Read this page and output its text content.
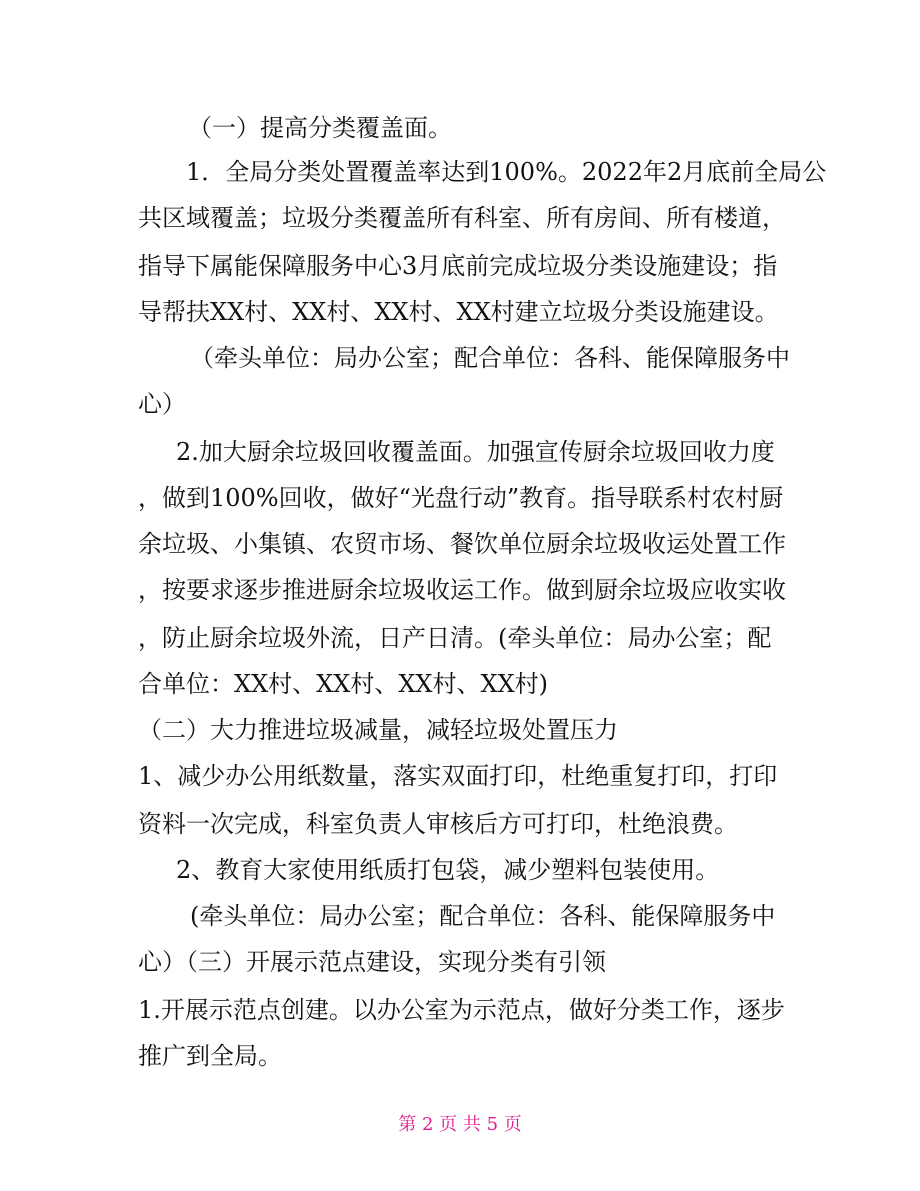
（一）提高分类覆盖面。
1．全局分类处置覆盖率达到100%。2022年2月底前全局公
共区域覆盖；垃圾分类覆盖所有科室、所有房间、所有楼道，
指导下属能保障服务中心3月底前完成垃圾分类设施建设；指
导帮扶XX村、XX村、XX村、XX村建立垃圾分类设施建设。
（牵头单位：局办公室；配合单位：各科、能保障服务中
心）
2.加大厨余垃圾回收覆盖面。加强宣传厨余垃圾回收力度
，做到100%回收，做好“光盘行动”教育。指导联系村农村厨
余垃圾、小集镇、农贸市场、餐饮单位厨余垃圾收运处置工作
，按要求逐步推进厨余垃圾收运工作。做到厨余垃圾应收实收
，防止厨余垃圾外流，日产日清。(牵头单位：局办公室；配
合单位：XX村、XX村、XX村、XX村)
（二）大力推进垃圾减量，减轻垃圾处置压力
1、减少办公用纸数量，落实双面打印，杜绝重复打印，打印
资料一次完成，科室负责人审核后方可打印，杜绝浪费。
2、教育大家使用纸质打包袋，减少塑料包装使用。
(牵头单位：局办公室；配合单位：各科、能保障服务中
心）（三）开展示范点建设，实现分类有引领
1.开展示范点创建。以办公室为示范点，做好分类工作，逐步
推广到全局。
第 2 页 共 5 页
